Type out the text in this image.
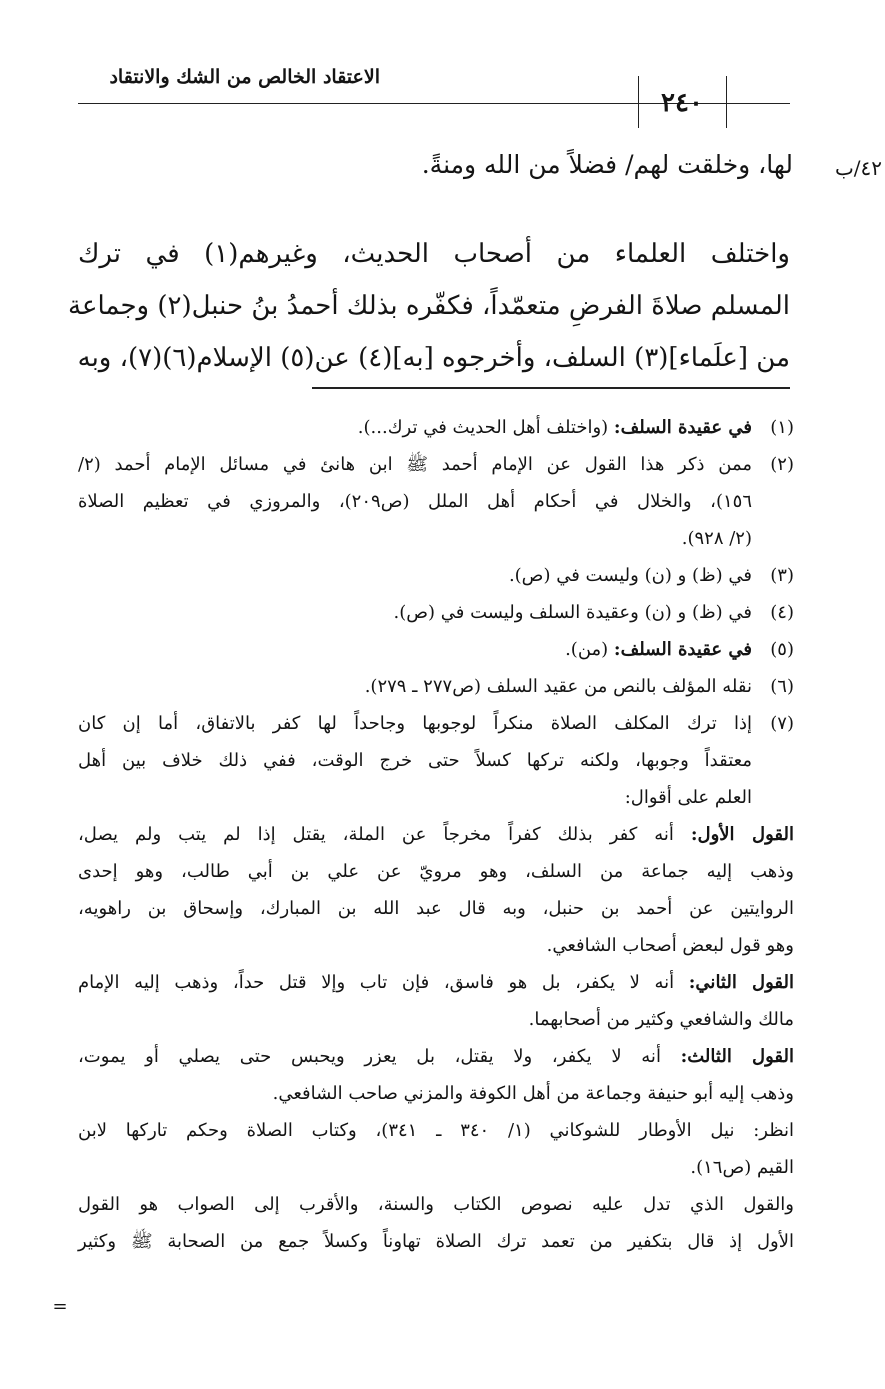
الاعتقاد الخالص من الشك والانتقاد
٢٤٠
٤٢/ب
لها، وخلقت لهم/ فضلاً من الله ومنةً.
واختلف العلماء من أصحاب الحديث، وغيرهم(١) في ترك
المسلم صلاةَ الفرضِ متعمّداً، فكفّره بذلك أحمدُ بنُ حنبل(٢) وجماعة
من [علَماء](٣) السلف، وأخرجوه [به](٤) عن(٥) الإسلام(٦)(٧)، وبه
(١)
في عقيدة السلف: (واختلف أهل الحديث في ترك...).
(٢)
ممن ذكر هذا القول عن الإمام أحمد ﷺ ابن هانئ في مسائل الإمام أحمد (٢/
١٥٦)، والخلال في أحكام أهل الملل (ص٢٠٩)، والمروزي في تعظيم الصلاة
(٢/ ٩٢٨).
(٣)
في (ظ) و (ن) وليست في (ص).
(٤)
في (ظ) و (ن) وعقيدة السلف وليست في (ص).
(٥)
في عقيدة السلف: (من).
(٦)
نقله المؤلف بالنص من عقيد السلف (ص٢٧٧ ـ ٢٧٩).
(٧)
إذا ترك المكلف الصلاة منكراً لوجوبها وجاحداً لها كفر بالاتفاق، أما إن كان
معتقداً وجوبها، ولكنه تركها كسلاً حتى خرج الوقت، ففي ذلك خلاف بين أهل
العلم على أقوال:
القول الأول: أنه كفر بذلك كفراً مخرجاً عن الملة، يقتل إذا لم يتب ولم يصل،
وذهب إليه جماعة من السلف، وهو مرويّ عن علي بن أبي طالب، وهو إحدى
الروايتين عن أحمد بن حنبل، وبه قال عبد الله بن المبارك، وإسحاق بن راهويه،
وهو قول لبعض أصحاب الشافعي.
القول الثاني: أنه لا يكفر، بل هو فاسق، فإن تاب وإلا قتل حداً، وذهب إليه الإمام
مالك والشافعي وكثير من أصحابهما.
القول الثالث: أنه لا يكفر، ولا يقتل، بل يعزر ويحبس حتى يصلي أو يموت،
وذهب إليه أبو حنيفة وجماعة من أهل الكوفة والمزني صاحب الشافعي.
انظر: نيل الأوطار للشوكاني (١/ ٣٤٠ ـ ٣٤١)، وكتاب الصلاة وحكم تاركها لابن
القيم (ص١٦).
والقول الذي تدل عليه نصوص الكتاب والسنة، والأقرب إلى الصواب هو القول
الأول إذ قال بتكفير من تعمد ترك الصلاة تهاوناً وكسلاً جمع من الصحابة ﷺ وكثير
=
